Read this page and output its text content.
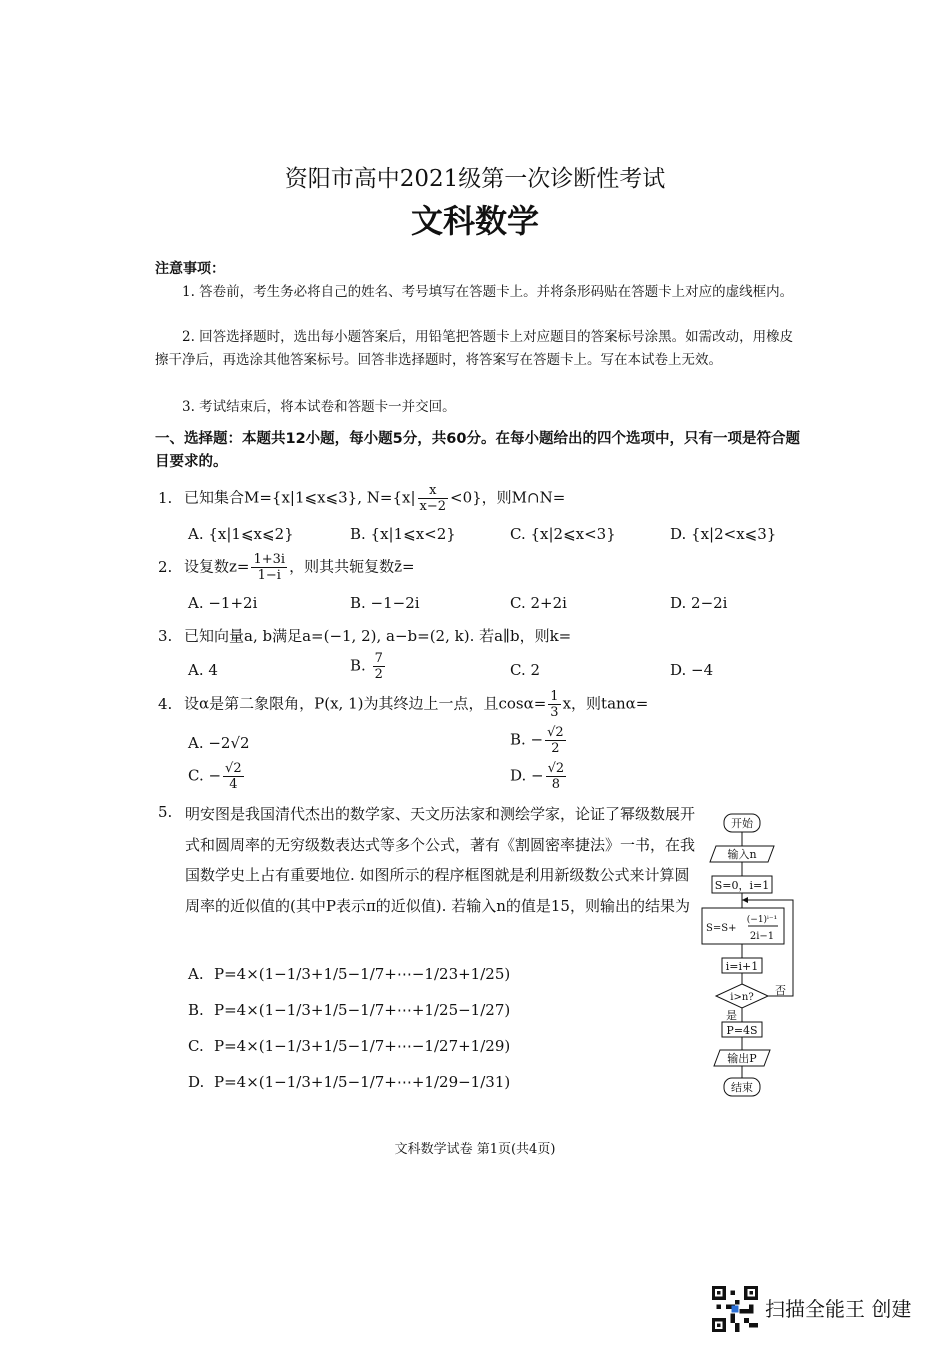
资阳市高中2021级第一次诊断性考试
文科数学
注意事项：
1. 答卷前，考生务必将自己的姓名、考号填写在答题卡上。并将条形码贴在答题卡上对应的虚线框内。
2. 回答选择题时，选出每小题答案后，用铅笔把答题卡上对应题目的答案标号涂黑。如需改动，用橡皮擦干净后，再选涂其他答案标号。回答非选择题时，将答案写在答题卡上。写在本试卷上无效。
3. 考试结束后，将本试卷和答题卡一并交回。
一、选择题：本题共12小题，每小题5分，共60分。在每小题给出的四个选项中，只有一项是符合题目要求的。
1. 已知集合M={x|1⩽x⩽3}, $N=\{x| \frac{x}{x-2} <0\}$，则M∩N=
A. {x|1⩽x⩽2}	B. {x|1⩽x<2}	C. {x|2⩽x<3}	D. {x|2<x⩽3}
2. 设复数$z= \frac{1+3i}{1-i}$ ，则其共轭复数z̄=
A. −1+2i	B. −1−2i	C. 2+2i	D. 2−2i
3. 已知向量a, b满足a=(−1, 2), a−b=(2, k). 若a∥b，则k=
A. 4	B. $\frac{7}{2}$	C. 2	D. −4
4. 设α是第二象限角，P(x, 1)为其终边上一点，且$\cos\alpha= \frac{1}{3}$ x，则tanα=
A. −2√2	B. − $\frac{√2}{2}$
C. − $\frac{√2}{4}$	D. − $\frac{√2}{8}$
5. 明安图是我国清代杰出的数学家、天文历法家和测绘学家，论证了幂级数展开式和圆周率的无穷级数表达式等多个公式，著有《割圆密率捷法》一书，在我国数学史上占有重要地位. 如图所示的程序框图就是利用新级数公式来计算圆周率的近似值的(其中P表示π的近似值). 若输入n的值是15，则输出的结果为
A. P=4×(1−1/3+1/5−1/7+⋯−1/23+1/25)
B. P=4×(1−1/3+1/5−1/7+⋯+1/25−1/27)
C. P=4×(1−1/3+1/5−1/7+⋯−1/27+1/29)
D. P=4×(1−1/3+1/5−1/7+⋯+1/29−1/31)
开始
输入n
S=0，i=1
S=S+
(−1)ⁱ⁻¹
2i−1
i=i+1
i>n?
否
是
P=4S
输出P
结束
文科数学试卷 第1页(共4页)
扫描全能王 创建
